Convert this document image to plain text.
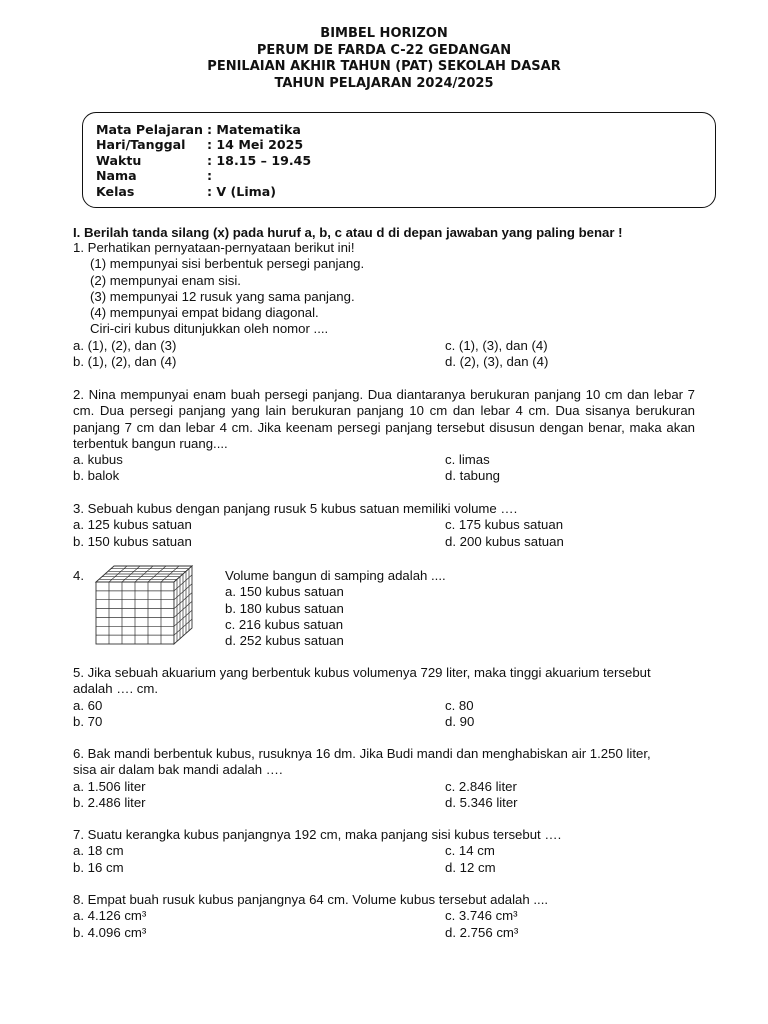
BIMBEL HORIZON
PERUM DE FARDA C-22 GEDANGAN
PENILAIAN AKHIR TAHUN (PAT) SEKOLAH DASAR
TAHUN PELAJARAN 2024/2025
Mata Pelajaran : Matematika
Hari/Tanggal	: 14 Mei 2025
Waktu	: 18.15 – 19.45
Nama	:
Kelas	: V (Lima)
I. Berilah tanda silang (x) pada huruf a, b, c atau d di depan jawaban yang paling benar !
1. Perhatikan pernyataan-pernyataan berikut ini!
(1) mempunyai sisi berbentuk persegi panjang.
(2) mempunyai enam sisi.
(3) mempunyai 12 rusuk yang sama panjang.
(4) mempunyai empat bidang diagonal.
Ciri-ciri kubus ditunjukkan oleh nomor ....
a. (1), (2), dan (3)	c. (1), (3), dan (4)
b. (1), (2), dan (4)	d. (2), (3), dan (4)
2. Nina mempunyai enam buah persegi panjang. Dua diantaranya berukuran panjang 10 cm dan lebar 7 cm. Dua persegi panjang yang lain berukuran panjang 10 cm dan lebar 4 cm. Dua sisanya berukuran panjang 7 cm dan lebar 4 cm. Jika keenam persegi panjang tersebut disusun dengan benar, maka akan terbentuk bangun ruang....
a. kubus	c. limas
b. balok	d. tabung
3. Sebuah kubus dengan panjang rusuk 5 kubus satuan memiliki volume ….
a. 125 kubus satuan	c. 175 kubus satuan
b. 150 kubus satuan	d. 200 kubus satuan
4.	Volume bangun di samping adalah ....
a. 150 kubus satuan
b. 180 kubus satuan
c. 216 kubus satuan
d. 252 kubus satuan
5. Jika sebuah akuarium yang berbentuk kubus volumenya 729 liter, maka tinggi akuarium tersebut adalah …. cm.
a. 60	c. 80
b. 70	d. 90
6. Bak mandi berbentuk kubus, rusuknya 16 dm. Jika Budi mandi dan menghabiskan air 1.250 liter, sisa air dalam bak mandi adalah ….
a. 1.506 liter	c. 2.846 liter
b. 2.486 liter	d. 5.346 liter
7. Suatu kerangka kubus panjangnya 192 cm, maka panjang sisi kubus tersebut ….
a. 18 cm	c. 14 cm
b. 16 cm	d. 12 cm
8. Empat buah rusuk kubus panjangnya 64 cm. Volume kubus tersebut adalah ....
a. 4.126 cm³	c. 3.746 cm³
b. 4.096 cm³	d. 2.756 cm³
